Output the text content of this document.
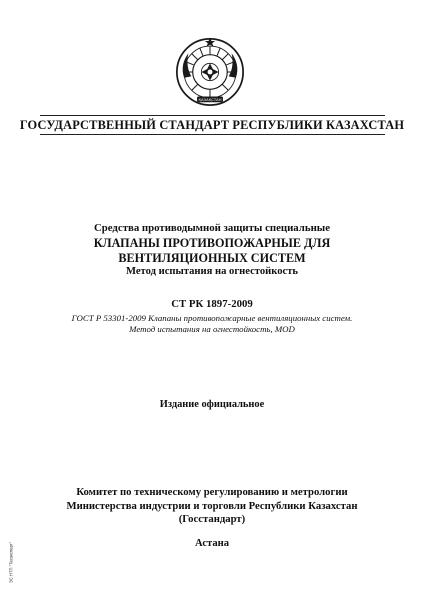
ҚАЗАҚСТАН
ГОСУДАРСТВЕННЫЙ СТАНДАРТ РЕСПУБЛИКИ КАЗАХСТАН
Средства противодымной защиты специальные
КЛАПАНЫ ПРОТИВОПОЖАРНЫЕ ДЛЯ
ВЕНТИЛЯЦИОННЫХ СИСТЕМ
Метод испытания на огнестойкость
СТ РК 1897-2009
ГОСТ Р 53301-2009 Клапаны противопожарные вентиляционных систем.
Метод испытания на огнестойкость, MOD
Издание официальное
Комитет по техническому регулированию и метрологии
Министерства индустрии и торговли Республики Казахстан
(Госстандарт)
Астана
ЭС НТП "Техэксперт"
